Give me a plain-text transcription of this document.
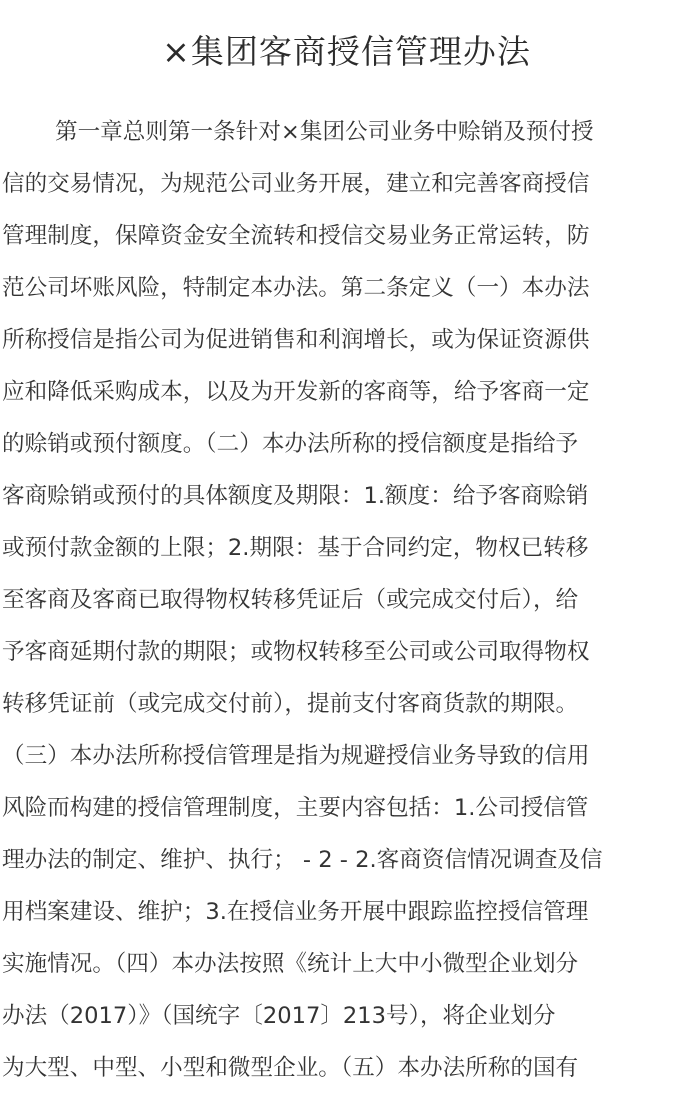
×集团客商授信管理办法
第一章总则第一条针对×集团公司业务中赊销及预付授
信的交易情况，为规范公司业务开展，建立和完善客商授信
管理制度，保障资金安全流转和授信交易业务正常运转，防
范公司坏账风险，特制定本办法。第二条定义（一）本办法
所称授信是指公司为促进销售和利润增长，或为保证资源供
应和降低采购成本，以及为开发新的客商等，给予客商一定
的赊销或预付额度。（二）本办法所称的授信额度是指给予
客商赊销或预付的具体额度及期限：1.额度：给予客商赊销
或预付款金额的上限；2.期限：基于合同约定，物权已转移
至客商及客商已取得物权转移凭证后（或完成交付后），给
予客商延期付款的期限；或物权转移至公司或公司取得物权
转移凭证前（或完成交付前），提前支付客商货款的期限。
（三）本办法所称授信管理是指为规避授信业务导致的信用
风险而构建的授信管理制度，主要内容包括：1.公司授信管
理办法的制定、维护、执行； - 2 - 2.客商资信情况调查及信
用档案建设、维护；3.在授信业务开展中跟踪监控授信管理
实施情况。（四）本办法按照《统计上大中小微型企业划分
办法（2017）》（国统字〔2017〕213号），将企业划分
为大型、中型、小型和微型企业。（五）本办法所称的国有
